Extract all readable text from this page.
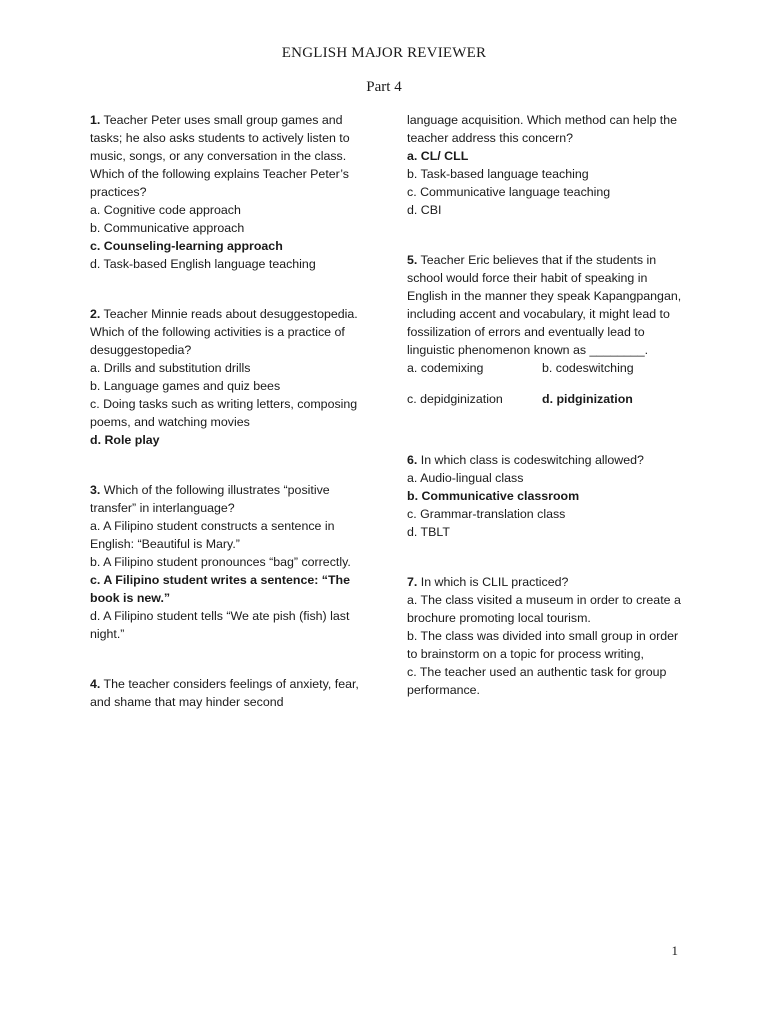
ENGLISH MAJOR REVIEWER
Part 4

1. Teacher Peter uses small group games and tasks; he also asks students to actively listen to music, songs, or any conversation in the class. Which of the following explains Teacher Peter’s practices?

a. Cognitive code approach

b. Communicative approach

c. Counseling-learning approach

d. Task-based English language teaching

2. Teacher Minnie reads about desuggestopedia. Which of the following activities is a practice of desuggestopedia?

a. Drills and substitution drills

b. Language games and quiz bees

c. Doing tasks such as writing letters, composing poems, and watching movies

d. Role play

3. Which of the following illustrates “positive transfer” in interlanguage?

a. A Filipino student constructs a sentence in English: “Beautiful is Mary.”

b. A Filipino student pronounces “bag” correctly.

c. A Filipino student writes a sentence: “The book is new.”

d. A Filipino student tells “We ate pish (fish) last night.”

4. The teacher considers feelings of anxiety, fear, and shame that may hinder second

language acquisition. Which method can help the teacher address this concern?

a. CL/ CLL

b. Task-based language teaching

c. Communicative language teaching

d. CBI

5. Teacher Eric believes that if the students in school would force their habit of speaking in English in the manner they speak Kapangpangan, including accent and vocabulary, it might lead to fossilization of errors and eventually lead to linguistic phenomenon known as ________.

a. codemixing	b. codeswitching
c. depidginization	d. pidginization

6. In which class is codeswitching allowed?

a. Audio-lingual class

b. Communicative classroom

c. Grammar-translation class

d. TBLT

7. In which is CLIL practiced?

a. The class visited a museum in order to create a brochure promoting local tourism.

b. The class was divided into small group in order to brainstorm on a topic for process writing,

c. The teacher used an authentic task for group performance.

1
